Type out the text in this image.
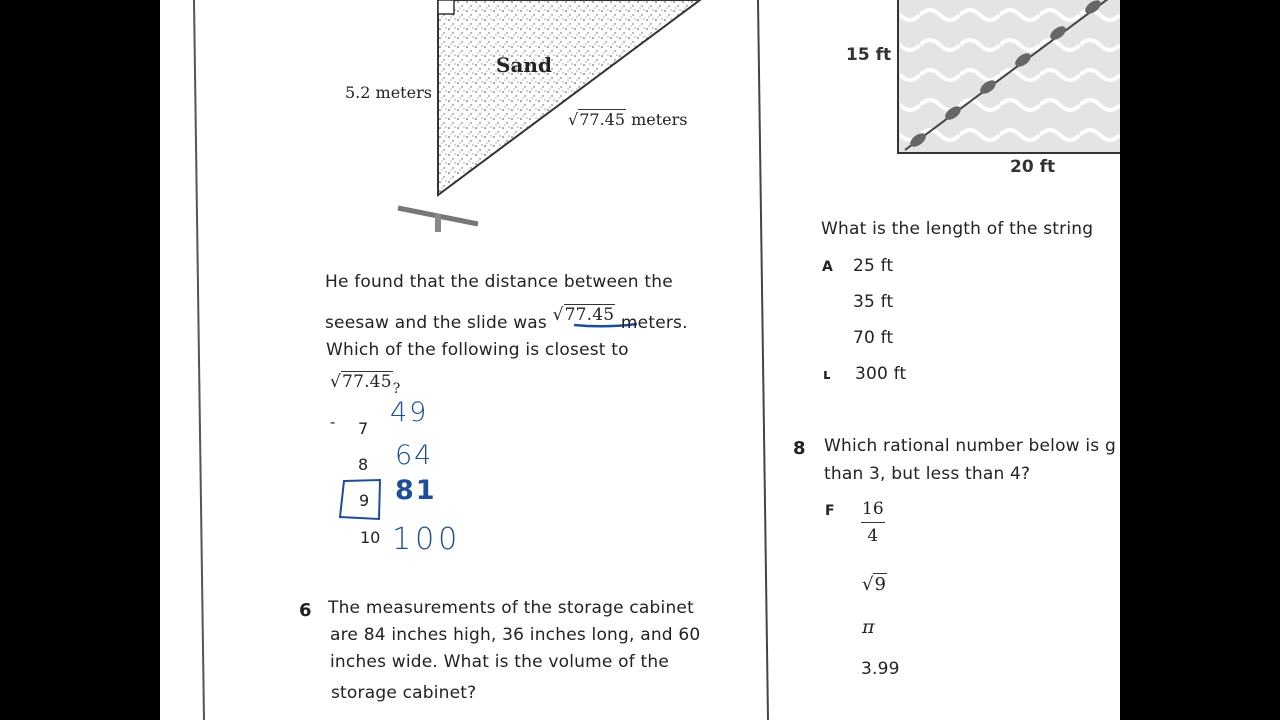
5.2 meters
Sand
√77.45 meters
He found that the distance between the
seesaw and the slide was √77.45 meters.
Which of the following is closest to
$√77.45_?$
- 7
49
8 64
9 81
10 100
6 The measurements of the storage cabinet
are 84 inches high, 36 inches long, and 60
inches wide. What is the volume of the
storage cabinet?
15 ft
20 ft
What is the length of the string
A 25 ft
35 ft
70 ft
ʟ 300 ft
8 Which rational number below is g
than 3, but less than 4?
F 16
4
√9
π
3.99
